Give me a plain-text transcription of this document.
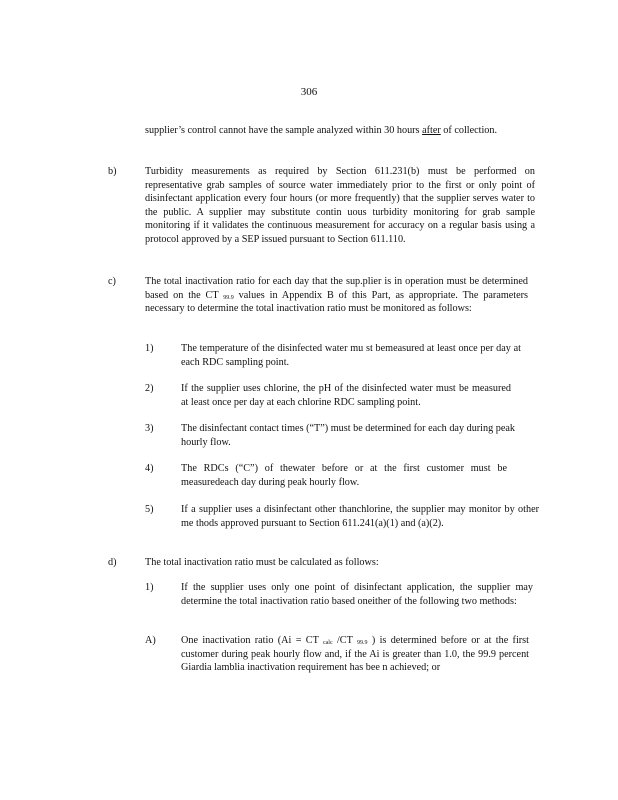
306
supplier’s control cannot have the sample analyzed within 30 hours after of collection.
b)	Turbidity measurements as required by Section 611.231(b) must be performed on representative grab samples of source water immediately prior to the first or only point of disinfectant application every four hours (or more frequently) that the supplier serves water to the public. A supplier may substitute contin uous turbidity monitoring for grab sample monitoring if it validates the continuous measurement for accuracy on a regular basis using a protocol approved by a SEP issued pursuant to Section 611.110.
c)	The total inactivation ratio for each day that the sup.plier is in operation must be determined based on the CT $_{99.9}$ values in Appendix B of this Part, as appropriate. The parameters necessary to determine the total inactivation ratio must be monitored as follows:
1)	The temperature of the disinfected water mu st bemeasured at least once per day at each RDC sampling point.
2)	If the supplier uses chlorine, the pH of the disinfected water must be measured at least once per day at each chlorine RDC sampling point.
3)	The disinfectant contact times (“T”) must be determined for each day during peak hourly flow.
4)	The RDCs (“C”) of thewater before or at the first customer must be measuredeach day during peak hourly flow.
5)	If a supplier uses a disinfectant other thanchlorine, the supplier may monitor by other me thods approved pursuant to Section 611.241(a)(1) and (a)(2).
d)	The total inactivation ratio must be calculated as follows:
1)	If the supplier uses only one point of disinfectant application, the supplier may determine the total inactivation ratio based oneither of the following two methods:
A) One inactivation ratio (Ai = CT $_{calc}$ /CT $_{99.9}$ ) is determined before or at the first customer during peak hourly flow and, if the Ai is greater than 1.0, the 99.9 percent Giardia lamblia inactivation requirement has bee n achieved; or
